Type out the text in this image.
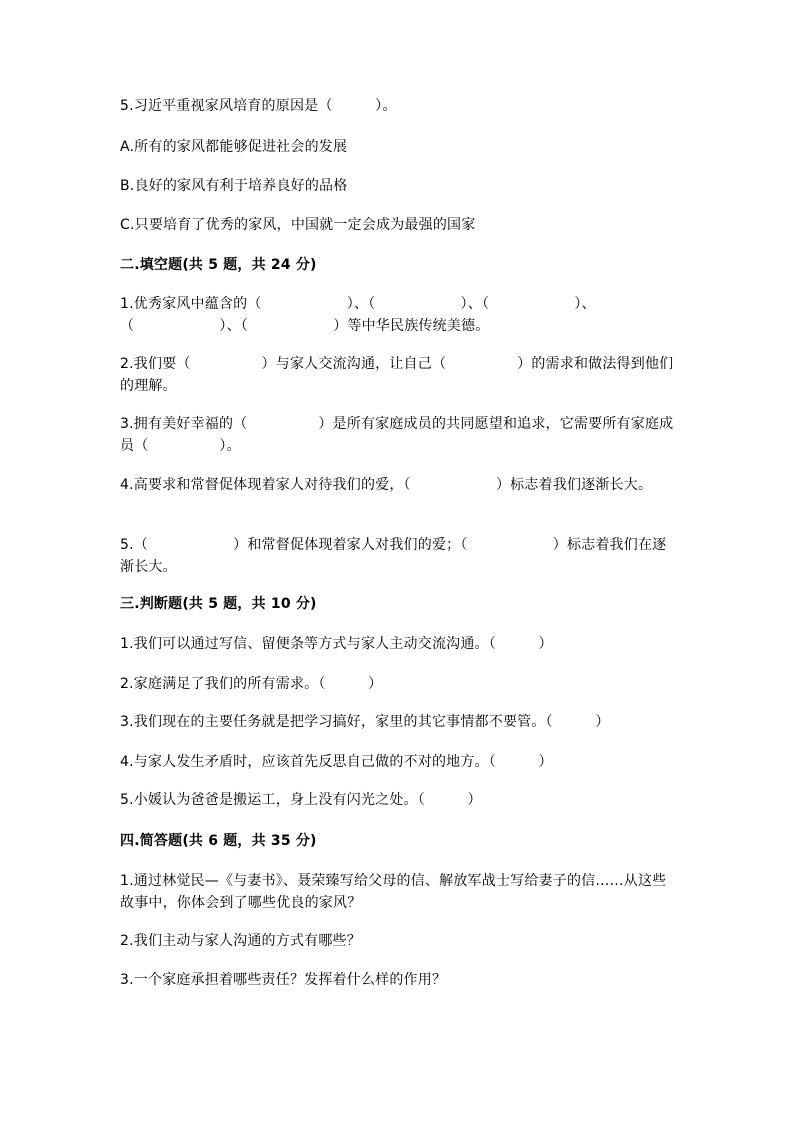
5.习近平重视家风培育的原因是（　　　）。
A.所有的家风都能够促进社会的发展
B.良好的家风有利于培养良好的品格
C.只要培育了优秀的家风，中国就一定会成为最强的国家
二.填空题(共 5 题，共 24 分)
1.优秀家风中蕴含的（　　　　　　）、（　　　　　　）、（　　　　　　）、（　　　　　　）、（　　　　　　）等中华民族传统美德。
2.我们要（　　　　　）与家人交流沟通，让自己（　　　　　）的需求和做法得到他们的理解。
3.拥有美好幸福的（　　　　　）是所有家庭成员的共同愿望和追求，它需要所有家庭成员（　　　　　）。
4.高要求和常督促体现着家人对待我们的爱，（　　　　　　）标志着我们逐渐长大。
5.（　　　　　　）和常督促体现着家人对我们的爱；（　　　　　　）标志着我们在逐渐长大。
三.判断题(共 5 题，共 10 分)
1.我们可以通过写信、留便条等方式与家人主动交流沟通。（　　　）
2.家庭满足了我们的所有需求。（　　　）
3.我们现在的主要任务就是把学习搞好，家里的其它事情都不要管。（　　　）
4.与家人发生矛盾时，应该首先反思自己做的不对的地方。（　　　）
5.小媛认为爸爸是搬运工，身上没有闪光之处。（　　　）
四.简答题(共 6 题，共 35 分)
1.通过林觉民—《与妻书》、聂荣臻写给父母的信、解放军战士写给妻子的信……从这些故事中，你体会到了哪些优良的家风？
2.我们主动与家人沟通的方式有哪些？
3.一个家庭承担着哪些责任？发挥着什么样的作用？
